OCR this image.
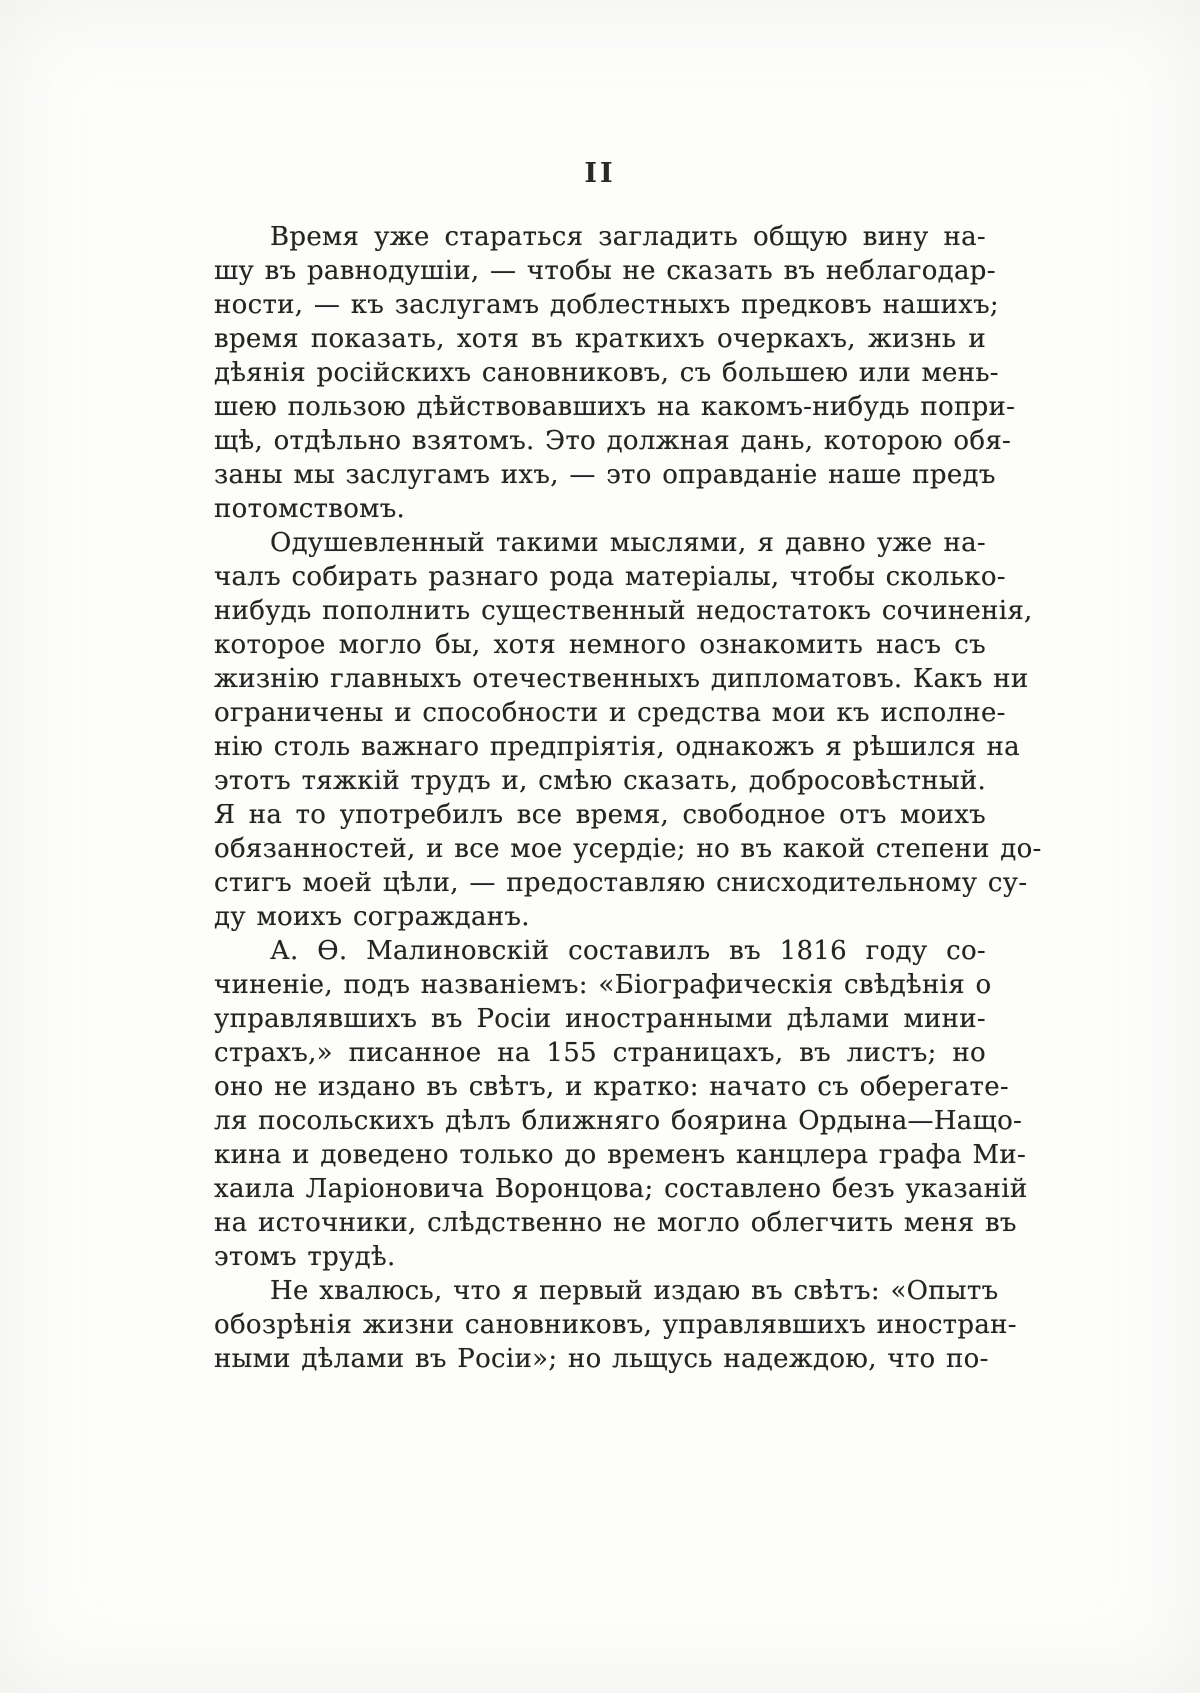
II
Время уже стараться загладить общую вину на-
шу въ равнодушіи, — чтобы не сказать въ неблагодар-
ности, — къ заслугамъ доблестныхъ предковъ нашихъ;
время показать, хотя въ краткихъ очеркахъ, жизнь и
дѣянія російскихъ сановниковъ, съ большею или мень-
шею пользою дѣйствовавшихъ на какомъ-нибудь попри-
щѣ, отдѣльно взятомъ. Это должная дань, которою обя-
заны мы заслугамъ ихъ, — это оправданіе наше предъ
потомствомъ.
Одушевленный такими мыслями, я давно уже на-
чалъ собирать разнаго рода матеріалы, чтобы сколько-
нибудь пополнить существенный недостатокъ сочиненія,
которое могло бы, хотя немного ознакомить насъ съ
жизнію главныхъ отечественныхъ дипломатовъ. Какъ ни
ограничены и способности и средства мои къ исполне-
нію столь важнаго предпріятія, однакожъ я рѣшился на
этотъ тяжкій трудъ и, смѣю сказать, добросовѣстный.
Я на то употребилъ все время, свободное отъ моихъ
обязанностей, и все мое усердіе; но въ какой степени до-
стигъ моей цѣли, — предоставляю снисходительному су-
ду моихъ согражданъ.
А. Ѳ. Малиновскій составилъ въ 1816 году со-
чиненіе, подъ названіемъ: «Біографическія свѣдѣнія о
управлявшихъ въ Росіи иностранными дѣлами мини-
страхъ,» писанное на 155 страницахъ, въ листъ; но
оно не издано въ свѣтъ, и кратко: начато съ оберегате-
ля посольскихъ дѣлъ ближняго боярина Ордына—Нащо-
кина и доведено только до временъ канцлера графа Ми-
хаила Ларіоновича Воронцова; составлено безъ указаній
на источники, слѣдственно не могло облегчить меня въ
этомъ трудѣ.
Не хвалюсь, что я первый издаю въ свѣтъ: «Опытъ
обозрѣнія жизни сановниковъ, управлявшихъ иностран-
ными дѣлами въ Росіи»; но льщусь надеждою, что по-
